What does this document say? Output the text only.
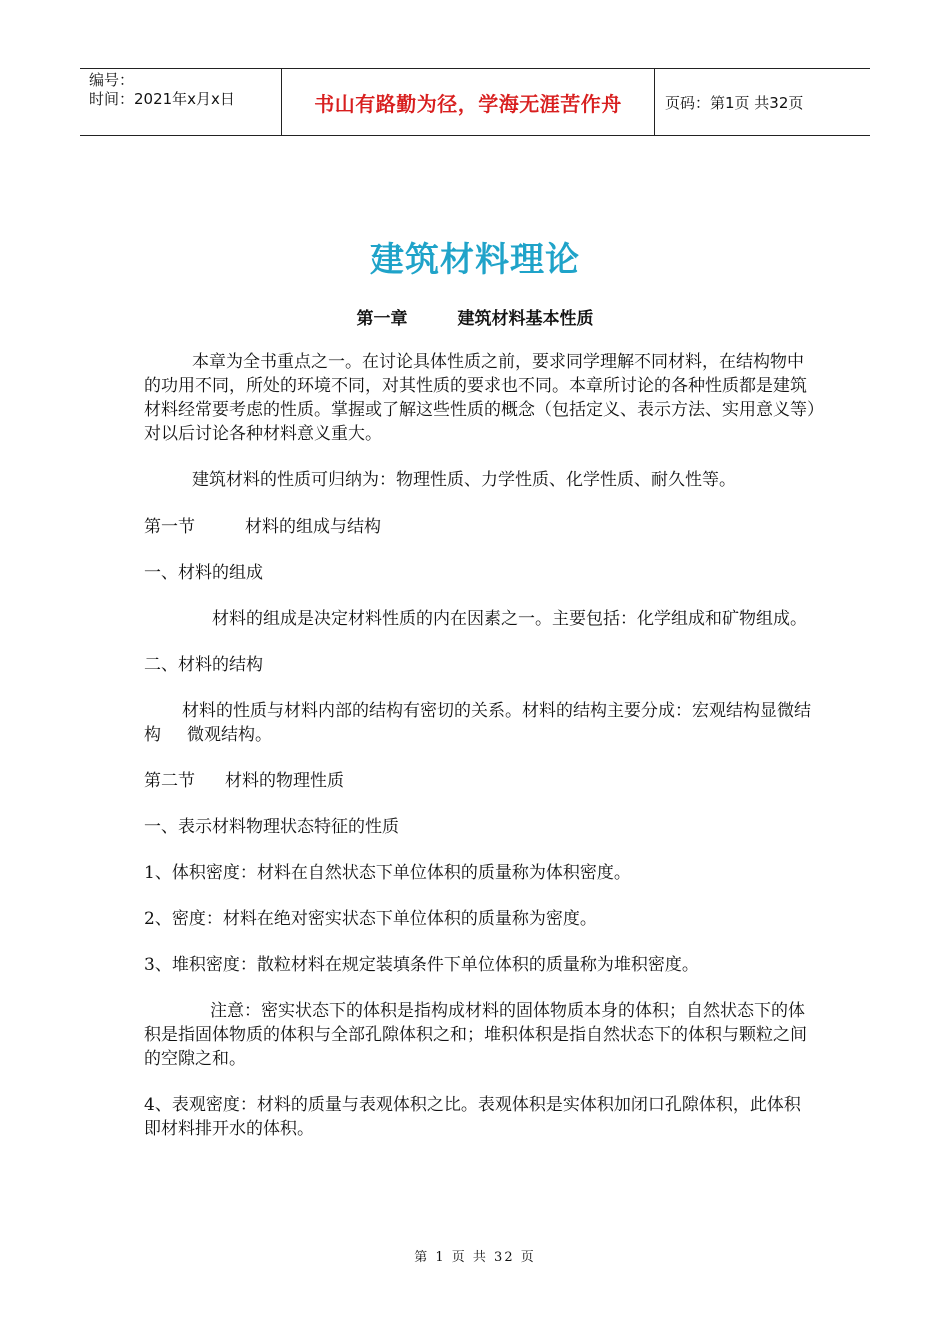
编号：
时间：2021年x月x日	书山有路勤为径，学海无涯苦作舟	页码：第1页 共32页
建筑材料理论
第一章	建筑材料基本性质

本章为全书重点之一。在讨论具体性质之前，要求同学理解不同材料，在结构物中的功用不同，所处的环境不同，对其性质的要求也不同。本章所讨论的各种性质都是建筑材料经常要考虑的性质。掌握或了解这些性质的概念（包括定义、表示方法、实用意义等）对以后讨论各种材料意义重大。

建筑材料的性质可归纳为：物理性质、力学性质、化学性质、耐久性等。

第一节	材料的组成与结构

一、材料的组成

材料的组成是决定材料性质的内在因素之一。主要包括：化学组成和矿物组成。

二、材料的结构

材料的性质与材料内部的结构有密切的关系。材料的结构主要分成：宏观结构显微结构 微观结构。

第二节 材料的物理性质

一、表示材料物理状态特征的性质

1、体积密度：材料在自然状态下单位体积的质量称为体积密度。

2、密度：材料在绝对密实状态下单位体积的质量称为密度。

3、堆积密度：散粒材料在规定装填条件下单位体积的质量称为堆积密度。

注意：密实状态下的体积是指构成材料的固体物质本身的体积；自然状态下的体积是指固体物质的体积与全部孔隙体积之和；堆积体积是指自然状态下的体积与颗粒之间的空隙之和。

4、表观密度：材料的质量与表观体积之比。表观体积是实体积加闭口孔隙体积，此体积即材料排开水的体积。

第 1 页 共 32 页
